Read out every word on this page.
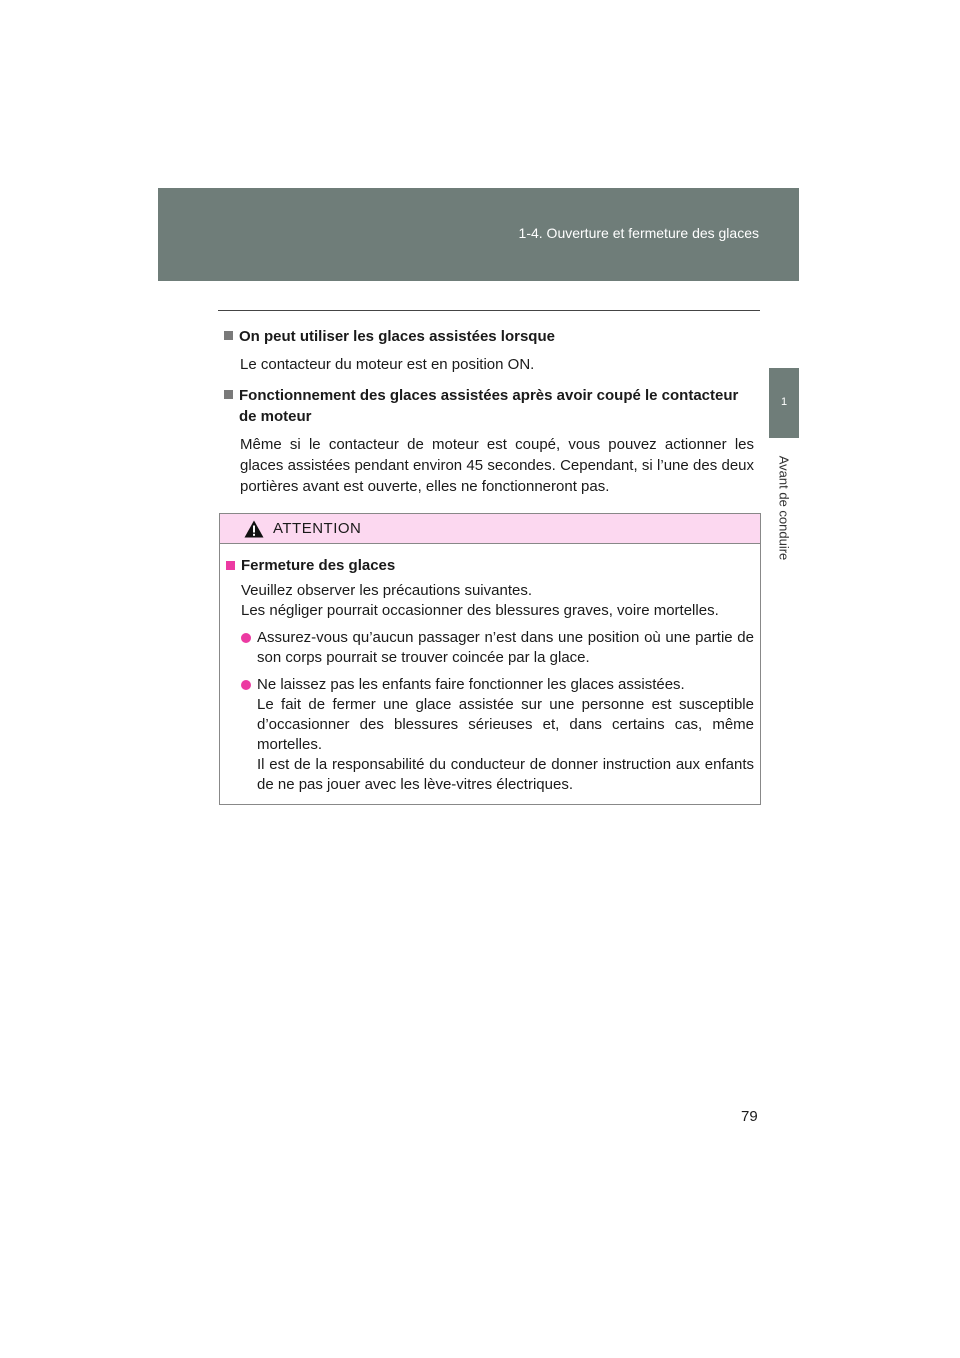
1-4. Ouverture et fermeture des glaces
1
Avant de conduire
On peut utiliser les glaces assistées lorsque
Le contacteur du moteur est en position ON.
Fonctionnement des glaces assistées après avoir coupé le contacteur de moteur
Même si le contacteur de moteur est coupé, vous pouvez actionner les glaces assistées pendant environ 45 secondes. Cependant, si l’une des deux portières avant est ouverte, elles ne fonctionneront pas.
ATTENTION
Fermeture des glaces
Veuillez observer les précautions suivantes.
Les négliger pourrait occasionner des blessures graves, voire mortelles.
Assurez-vous qu’aucun passager n’est dans une position où une partie de son corps pourrait se trouver coincée par la glace.
Ne laissez pas les enfants faire fonctionner les glaces assistées.
Le fait de fermer une glace assistée sur une personne est susceptible d’occasionner des blessures sérieuses et, dans certains cas, même mortelles.
Il est de la responsabilité du conducteur de donner instruction aux enfants de ne pas jouer avec les lève-vitres électriques.
79
